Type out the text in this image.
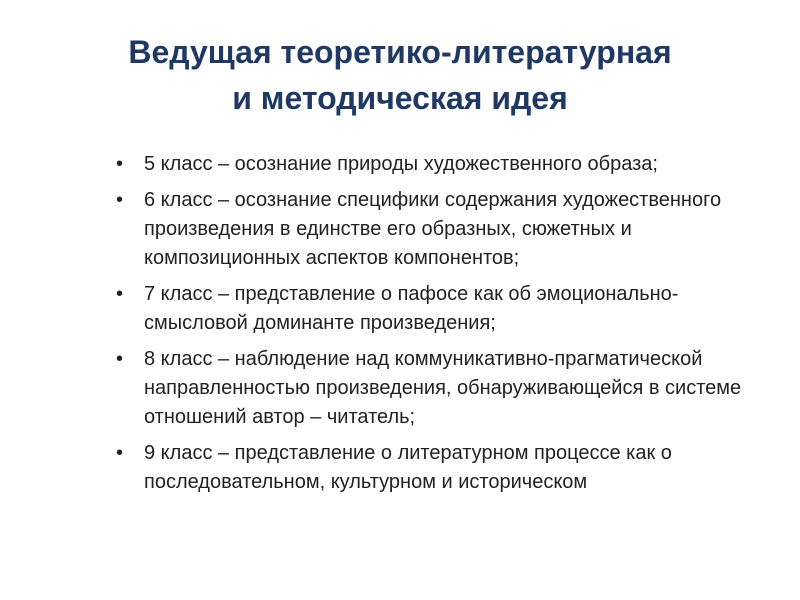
Ведущая теоретико-литературная
и методическая идея
• 5 класс – осознание природы художественного образа;
• 6 класс – осознание специфики содержания художественного произведения в единстве его образных, сюжетных и композиционных аспектов компонентов;
• 7 класс – представление о пафосе как об эмоционально-смысловой доминанте произведения;
• 8 класс – наблюдение над коммуникативно-прагматической направленностью произведения, обнаруживающейся в системе отношений автор – читатель;
• 9 класс – представление о литературном процессе как о последовательном, культурном и историческом
